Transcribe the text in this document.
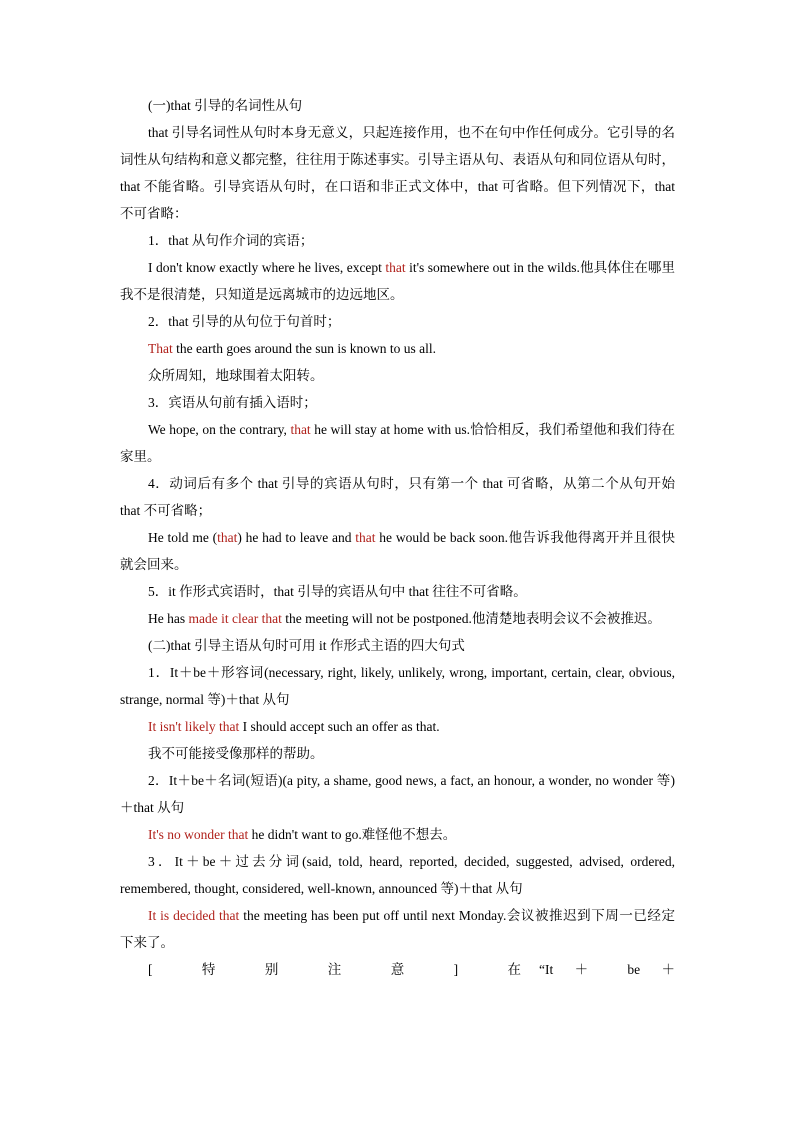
(一)that 引导的名词性从句

that 引导名词性从句时本身无意义，只起连接作用，也不在句中作任何成分。它引导的名词性从句结构和意义都完整，往往用于陈述事实。引导主语从句、表语从句和同位语从句时，that 不能省略。引导宾语从句时，在口语和非正式文体中，that 可省略。但下列情况下，that 不可省略：

1．that 从句作介词的宾语；

I don't know exactly where he lives, except that it's somewhere out in the wilds.他具体住在哪里我不是很清楚，只知道是远离城市的边远地区。

2．that 引导的从句位于句首时；

That the earth goes around the sun is known to us all.

众所周知，地球围着太阳转。

3．宾语从句前有插入语时；

We hope, on the contrary, that he will stay at home with us.恰恰相反，我们希望他和我们待在家里。

4．动词后有多个 that 引导的宾语从句时，只有第一个 that 可省略，从第二个从句开始 that 不可省略；

He told me (that) he had to leave and that he would be back soon.他告诉我他得离开并且很快就会回来。

5．it 作形式宾语时，that 引导的宾语从句中 that 往往不可省略。

He has made it clear that the meeting will not be postponed.他清楚地表明会议不会被推迟。

(二)that 引导主语从句时可用 it 作形式主语的四大句式

1．It＋be＋形容词(necessary, right, likely, unlikely, wrong, important, certain, clear, obvious, strange, normal 等)＋that 从句

It isn't likely that I should accept such an offer as that.

我不可能接受像那样的帮助。

2．It＋be＋名词(短语)(a pity, a shame, good news, a fact, an honour, a wonder, no wonder 等)＋that 从句

It's no wonder that he didn't want to go.难怪他不想去。

3．It＋be＋过去分词(said, told, heard, reported, decided, suggested, advised, ordered, remembered, thought, considered, well-known, announced 等)＋that 从句

It is decided that the meeting has been put off until next Monday.会议被推迟到下周一已经定下来了。

[　特　别　注　意　]　在“It ＋ be ＋
